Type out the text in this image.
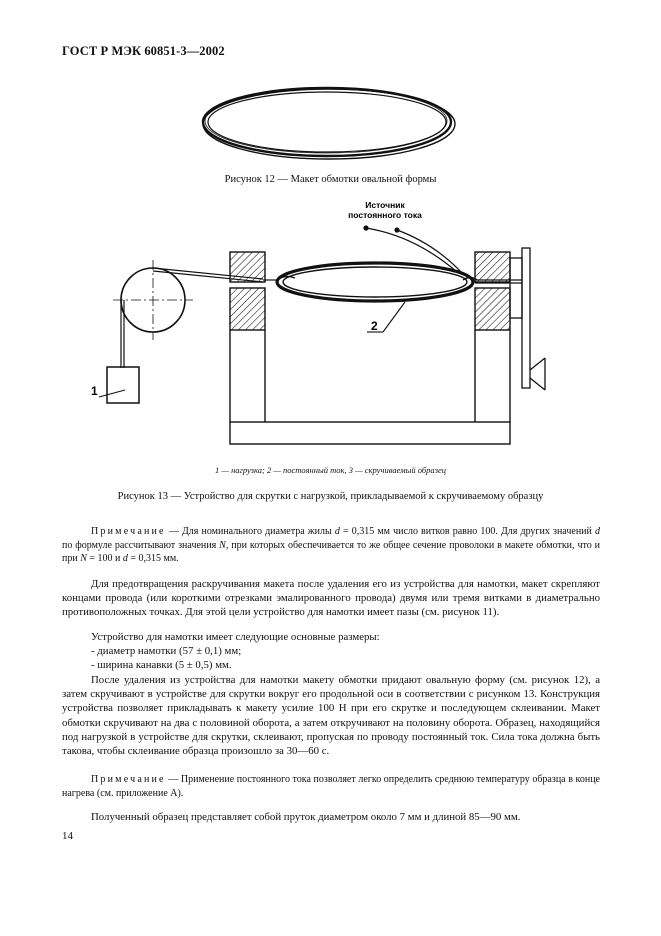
ГОСТ Р МЭК 60851-3—2002
Рисунок 12 — Макет обмотки овальной формы
1
2
Источник
постоянного тока
1 — нагрузка; 2 — постоянный ток, 3 — скручиваемый образец
Рисунок 13 — Устройство для скрутки с нагрузкой, прикладываемой к скручиваемому образцу
Примечание — Для номинального диаметра жилы d = 0,315 мм число витков равно 100. Для других значений d по формуле рассчитывают значения N, при которых обеспечивается то же общее сечение проволоки в макете обмотки, что и при N = 100 и d = 0,315 мм.
Для предотвращения раскручивания макета после удаления его из устройства для намотки, макет скрепляют концами провода (или короткими отрезками эмалированного провода) двумя или тремя витками в диаметрально противоположных точках. Для этой цели устройство для намотки имеет пазы (см. рисунок 11).
Устройство для намотки имеет следующие основные размеры:
- диаметр намотки (57 ± 0,1) мм;
- ширина канавки (5 ± 0,5) мм.
После удаления из устройства для намотки макету обмотки придают овальную форму (см. рисунок 12), а затем скручивают в устройстве для скрутки вокруг его продольной оси в соответствии с рисунком 13. Конструкция устройства позволяет прикладывать к макету усилие 100 Н при его скрутке и последующем склеивании. Макет обмотки скручивают на два с половиной оборота, а затем откручивают на половину оборота. Образец, находящийся под нагрузкой в устройстве для скрутки, склеивают, пропуская по проводу постоянный ток. Сила тока должна быть такова, чтобы склеивание образца произошло за 30—60 с.
Примечание — Применение постоянного тока позволяет легко определить среднюю температуру образца в конце нагрева (см. приложение А).
Полученный образец представляет собой пруток диаметром около 7 мм и длиной 85—90 мм.
14
